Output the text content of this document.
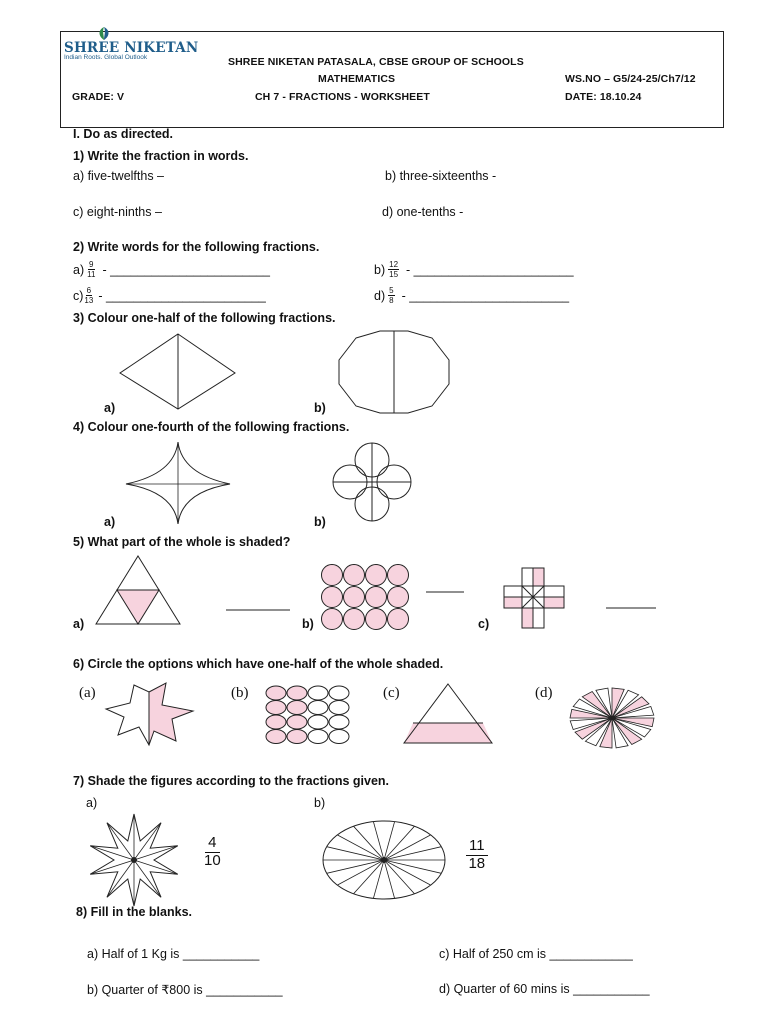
SHREE NIKETAN
Indian Roots. Global Outlook	SHREE NIKETAN PATASALA, CBSE GROUP OF SCHOOLS
MATHEMATICS	WS.NO – G5/24-25/Ch7/12
GRADE: V	CH 7 - FRACTIONS - WORKSHEET	DATE: 18.10.24
I. Do as directed.
1) Write the fraction in words.
a) five-twelfths –	b) three-sixteenths -
c) eight-ninths –	d) one-tenths -
2) Write words for the following fractions.
$a) \frac{9}{11}$ - _______________________	$b) \frac{12}{15}$ - _______________________
$c) \frac{6}{13}$ - _______________________	$d) \frac{5}{8}$ - _______________________
3) Colour one-half of the following fractions.
a)	b)
4) Colour one-fourth of the following fractions.
a)	b)
5) What part of the whole is shaded?
a)	b)	c)
6) Circle the options which have one-half of the whole shaded.
(a)	(b)	(c)	(d)
7) Shade the figures according to the fractions given.
a)	b)
$\frac{4}{10}$	$\frac{11}{18}$
8) Fill in the blanks.
a) Half of 1 Kg is ___________	c) Half of 250 cm is ____________
b) Quarter of ₹800 is ___________	d) Quarter of 60 mins is ___________
